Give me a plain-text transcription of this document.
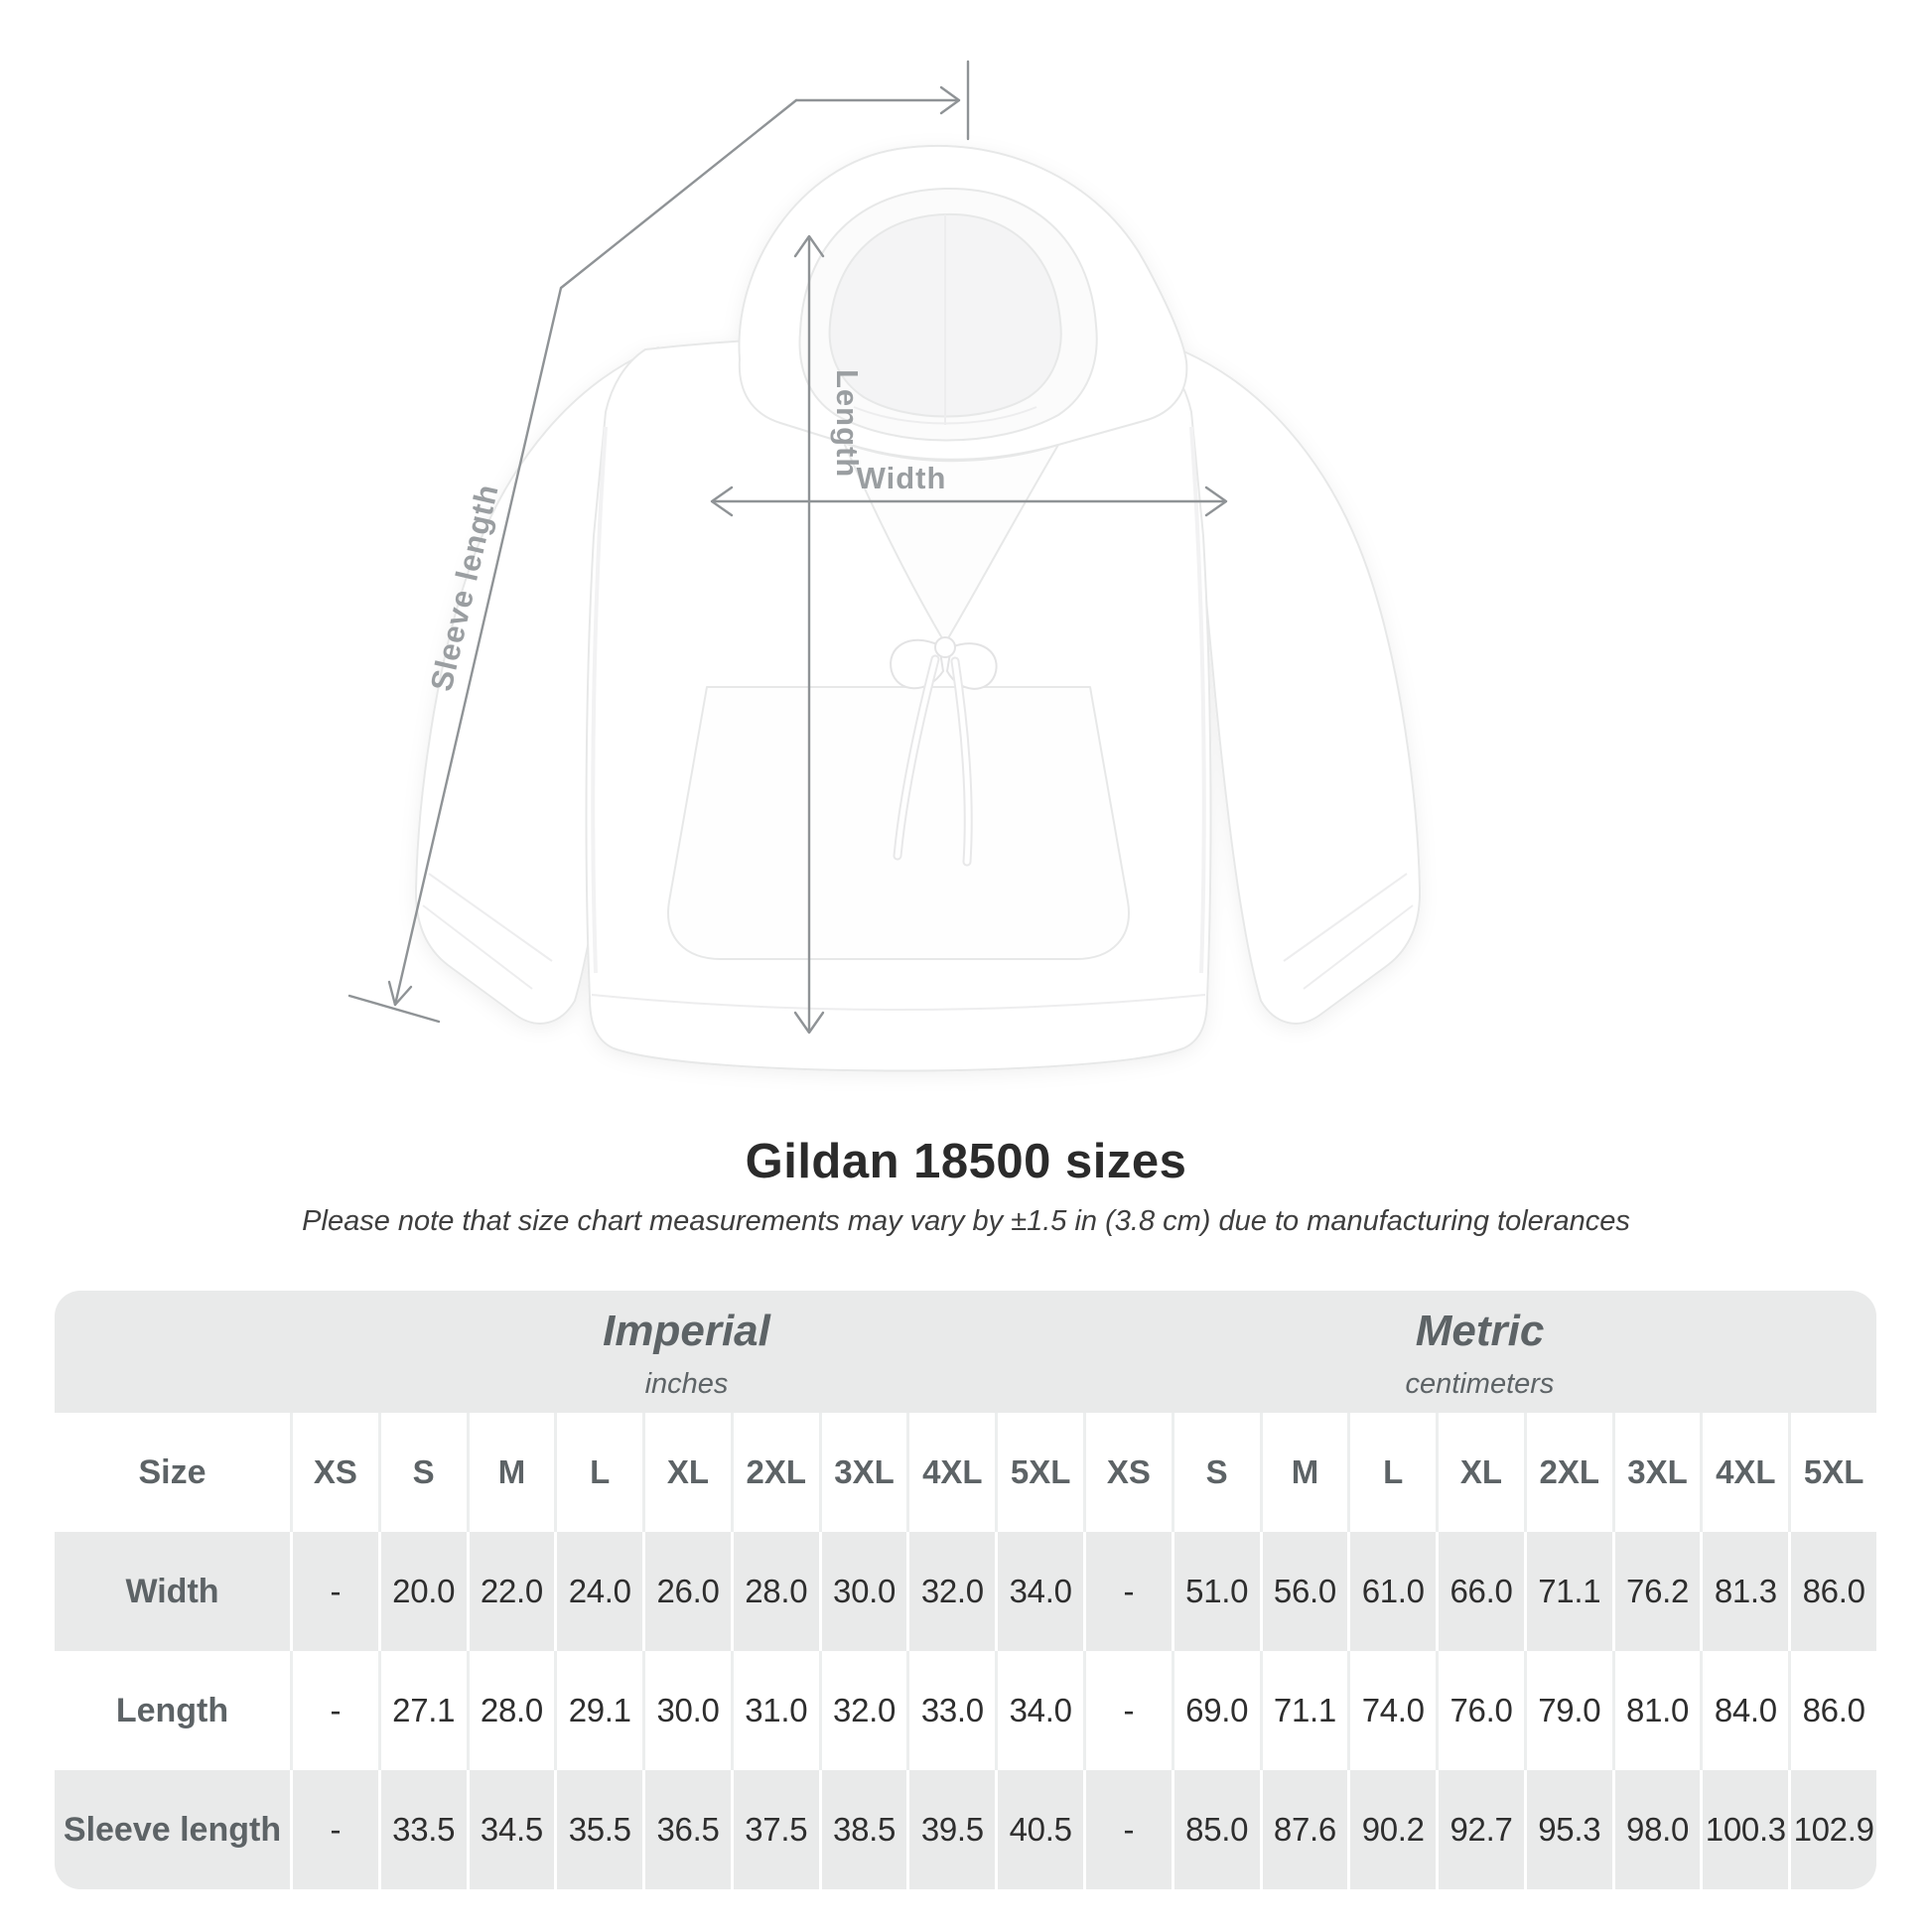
Length
Width
Sleeve length
Gildan 18500 sizes
Please note that size chart measurements may vary by ±1.5 in (3.8 cm) due to manufacturing tolerances
Imperial
inches
Metric
centimeters
Size	XS	S	M	L	XL	2XL 3XL 4XL 5XL	XS	S	M	L	XL	2XL 3XL 4XL 5XL
Width	-	20.0 22.0 24.0 26.0 28.0 30.0 32.0 34.0	-	51.0 56.0 61.0 66.0 71.1 76.2 81.3 86.0
Length	-	27.1 28.0 29.1 30.0 31.0 32.0 33.0 34.0	-	69.0 71.1 74.0 76.0 79.0 81.0 84.0 86.0
Sleeve length	-	33.5 34.5 35.5 36.5 37.5 38.5 39.5 40.5	-	85.0 87.6 90.2 92.7 95.3 98.0 100.3 102.9
